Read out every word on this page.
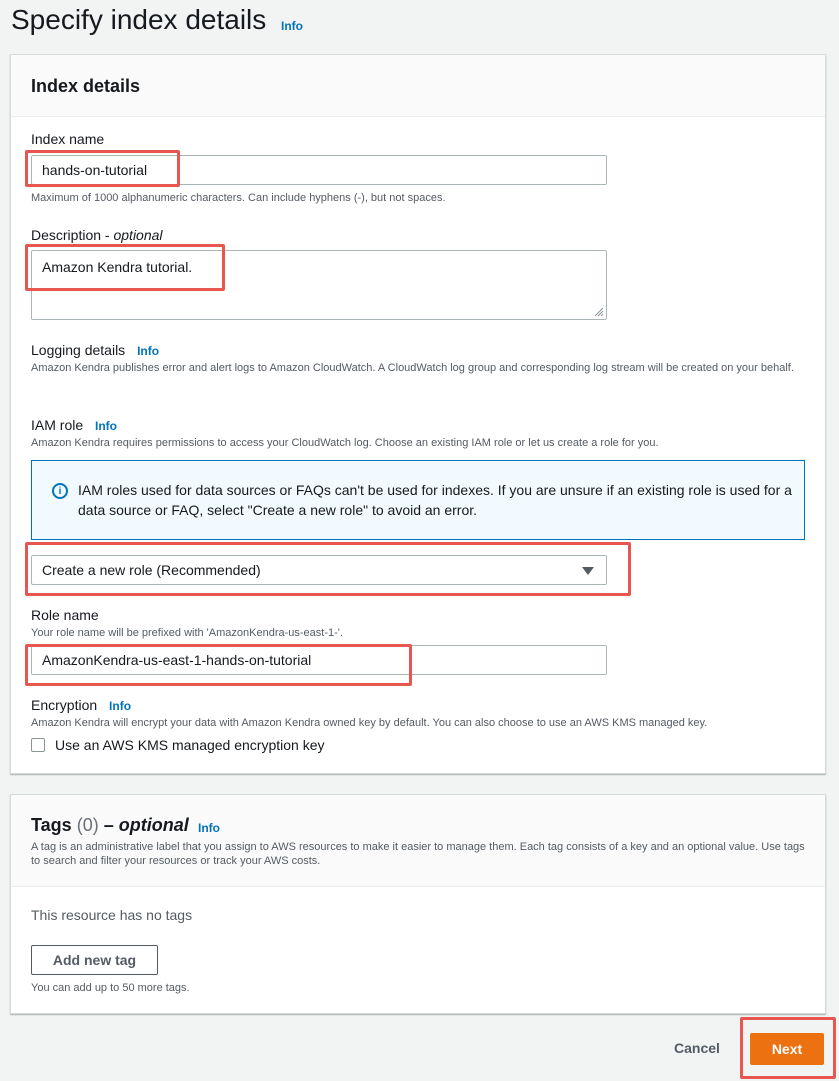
Specify index details Info
Index details
Index name
hands-on-tutorial
Maximum of 1000 alphanumeric characters. Can include hyphens (-), but not spaces.
Description - optional
Amazon Kendra tutorial.
Logging details Info
Amazon Kendra publishes error and alert logs to Amazon CloudWatch. A CloudWatch log group and corresponding log stream will be created on your behalf.
IAM role Info
Amazon Kendra requires permissions to access your CloudWatch log. Choose an existing IAM role or let us create a role for you.
i	IAM roles used for data sources or FAQs can't be used for indexes. If you are unsure if an existing role is used for a data source or FAQ, select "Create a new role" to avoid an error.
Create a new role (Recommended)
Role name
Your role name will be prefixed with 'AmazonKendra-us-east-1-'.
AmazonKendra-us-east-1-hands-on-tutorial
Encryption Info
Amazon Kendra will encrypt your data with Amazon Kendra owned key by default. You can also choose to use an AWS KMS managed key.
Use an AWS KMS managed encryption key
Tags (0) – optional Info
A tag is an administrative label that you assign to AWS resources to make it easier to manage them. Each tag consists of a key and an optional value. Use tags to search and filter your resources or track your AWS costs.
This resource has no tags
Add new tag
You can add up to 50 more tags.
Cancel	Next
